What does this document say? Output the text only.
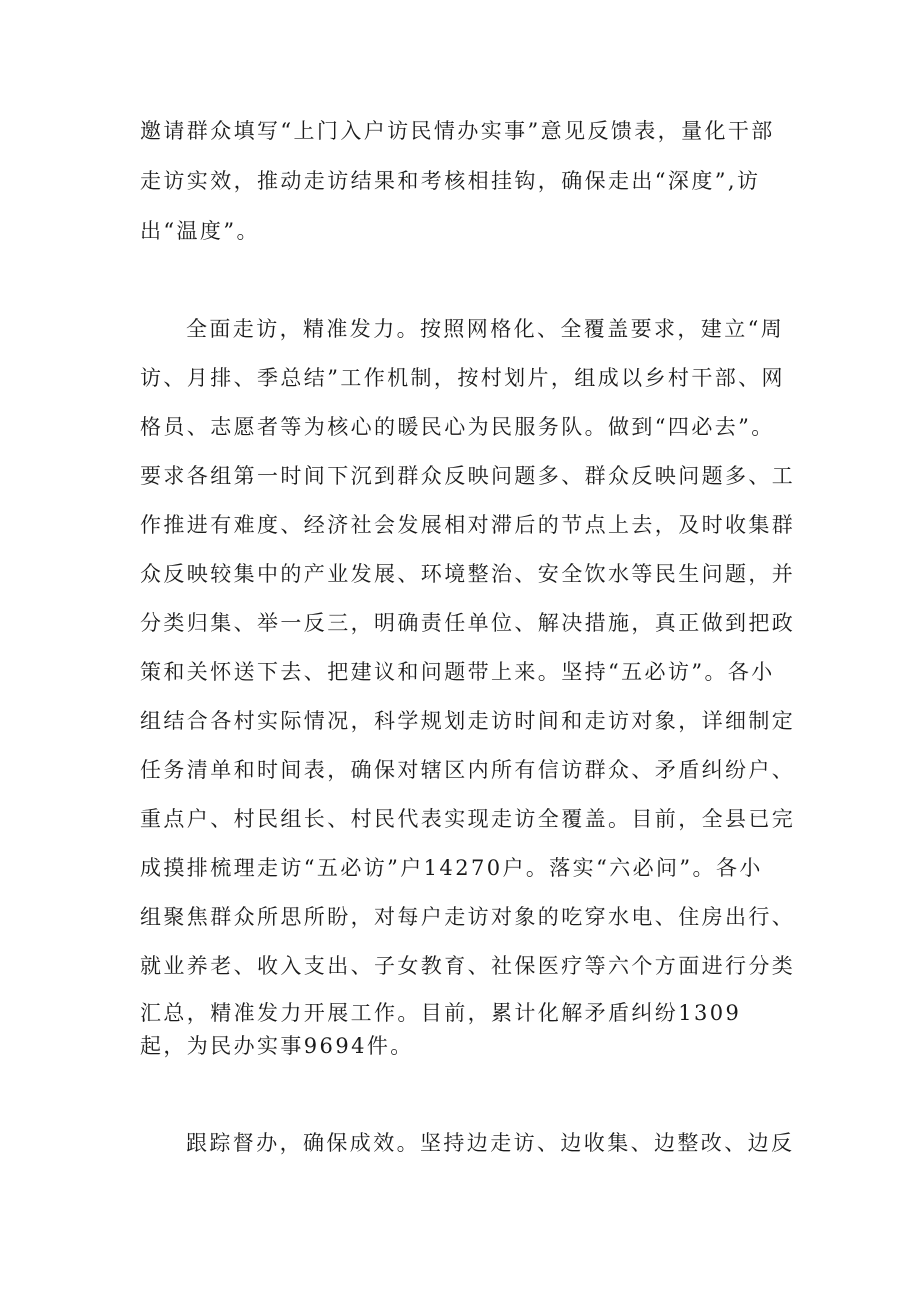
邀请群众填写“上门入户访民情办实事”意见反馈表，量化干部
走访实效，推动走访结果和考核相挂钩，确保走出“深度”,访
出“温度”。
全面走访，精准发力。按照网格化、全覆盖要求，建立“周
访、月排、季总结”工作机制，按村划片，组成以乡村干部、网
格员、志愿者等为核心的暖民心为民服务队。做到“四必去”。
要求各组第一时间下沉到群众反映问题多、群众反映问题多、工
作推进有难度、经济社会发展相对滞后的节点上去，及时收集群
众反映较集中的产业发展、环境整治、安全饮水等民生问题，并
分类归集、举一反三，明确责任单位、解决措施，真正做到把政
策和关怀送下去、把建议和问题带上来。坚持“五必访”。各小
组结合各村实际情况，科学规划走访时间和走访对象，详细制定
任务清单和时间表，确保对辖区内所有信访群众、矛盾纠纷户、
重点户、村民组长、村民代表实现走访全覆盖。目前，全县已完
成摸排梳理走访“五必访”户14270户。落实“六必问”。各小
组聚焦群众所思所盼，对每户走访对象的吃穿水电、住房出行、
就业养老、收入支出、子女教育、社保医疗等六个方面进行分类
汇总，精准发力开展工作。目前，累计化解矛盾纠纷1309
起，为民办实事9694件。
跟踪督办，确保成效。坚持边走访、边收集、边整改、边反
